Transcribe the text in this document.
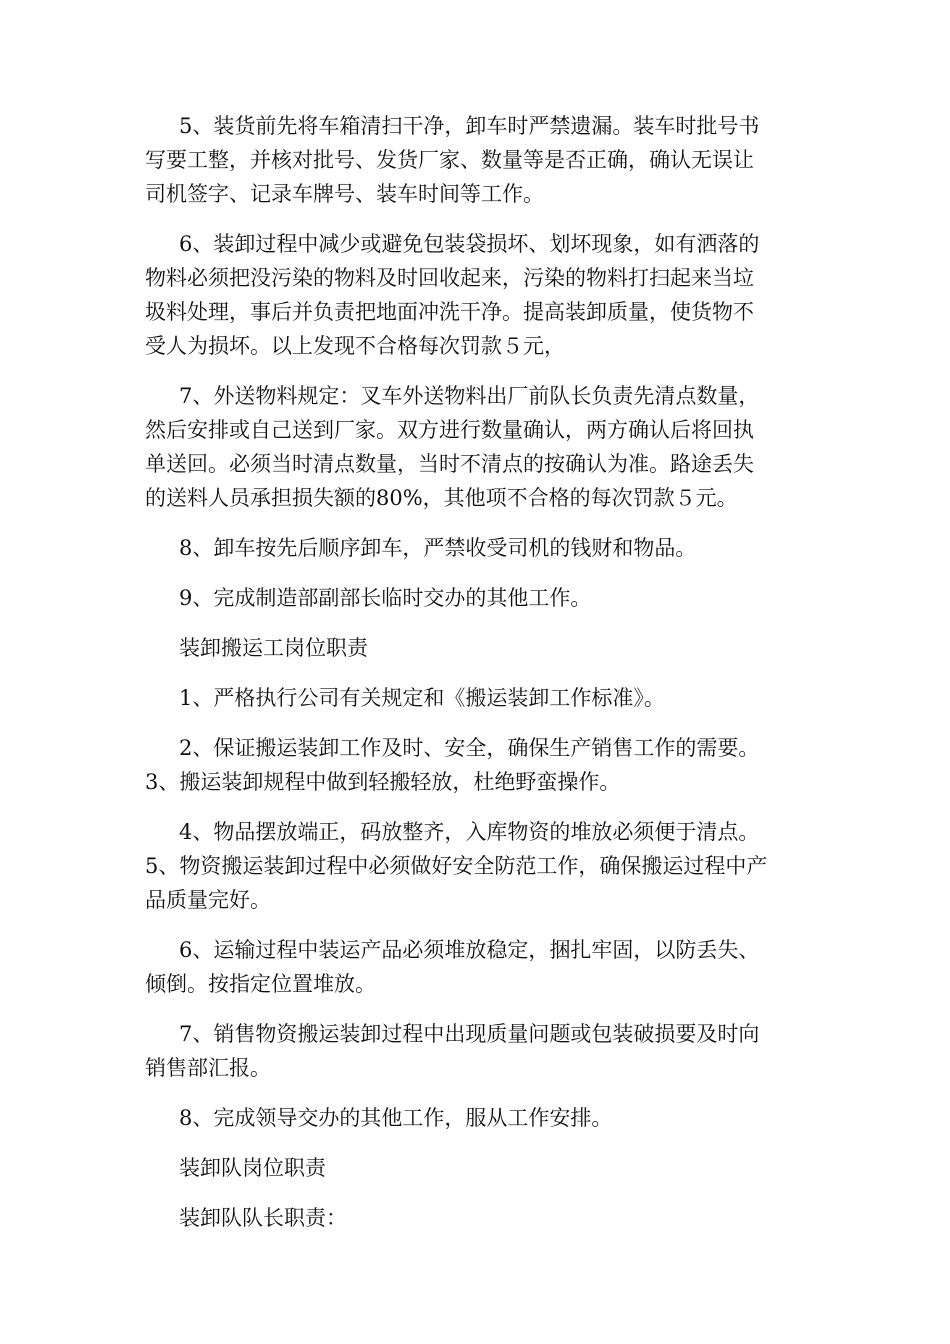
5、装货前先将车箱清扫干净，卸车时严禁遗漏。装车时批号书
写要工整，并核对批号、发货厂家、数量等是否正确，确认无误让
司机签字、记录车牌号、装车时间等工作。

6、装卸过程中减少或避免包装袋损坏、划坏现象，如有洒落的
物料必须把没污染的物料及时回收起来，污染的物料打扫起来当垃
圾料处理，事后并负责把地面冲洗干净。提高装卸质量，使货物不
受人为损坏。以上发现不合格每次罚款５元，

7、外送物料规定：叉车外送物料出厂前队长负责先清点数量，
然后安排或自己送到厂家。双方进行数量确认，两方确认后将回执
单送回。必须当时清点数量，当时不清点的按确认为准。路途丢失
的送料人员承担损失额的80%，其他项不合格的每次罚款５元。

8、卸车按先后顺序卸车，严禁收受司机的钱财和物品。

9、完成制造部副部长临时交办的其他工作。

装卸搬运工岗位职责

1、严格执行公司有关规定和《搬运装卸工作标准》。

2、保证搬运装卸工作及时、安全，确保生产销售工作的需要。

3、搬运装卸规程中做到轻搬轻放，杜绝野蛮操作。

4、物品摆放端正，码放整齐，入库物资的堆放必须便于清点。

5、物资搬运装卸过程中必须做好安全防范工作，确保搬运过程中产
品质量完好。

6、运输过程中装运产品必须堆放稳定，捆扎牢固，以防丢失、
倾倒。按指定位置堆放。

7、销售物资搬运装卸过程中出现质量问题或包装破损要及时向
销售部汇报。

8、完成领导交办的其他工作，服从工作安排。

装卸队岗位职责

装卸队队长职责：
